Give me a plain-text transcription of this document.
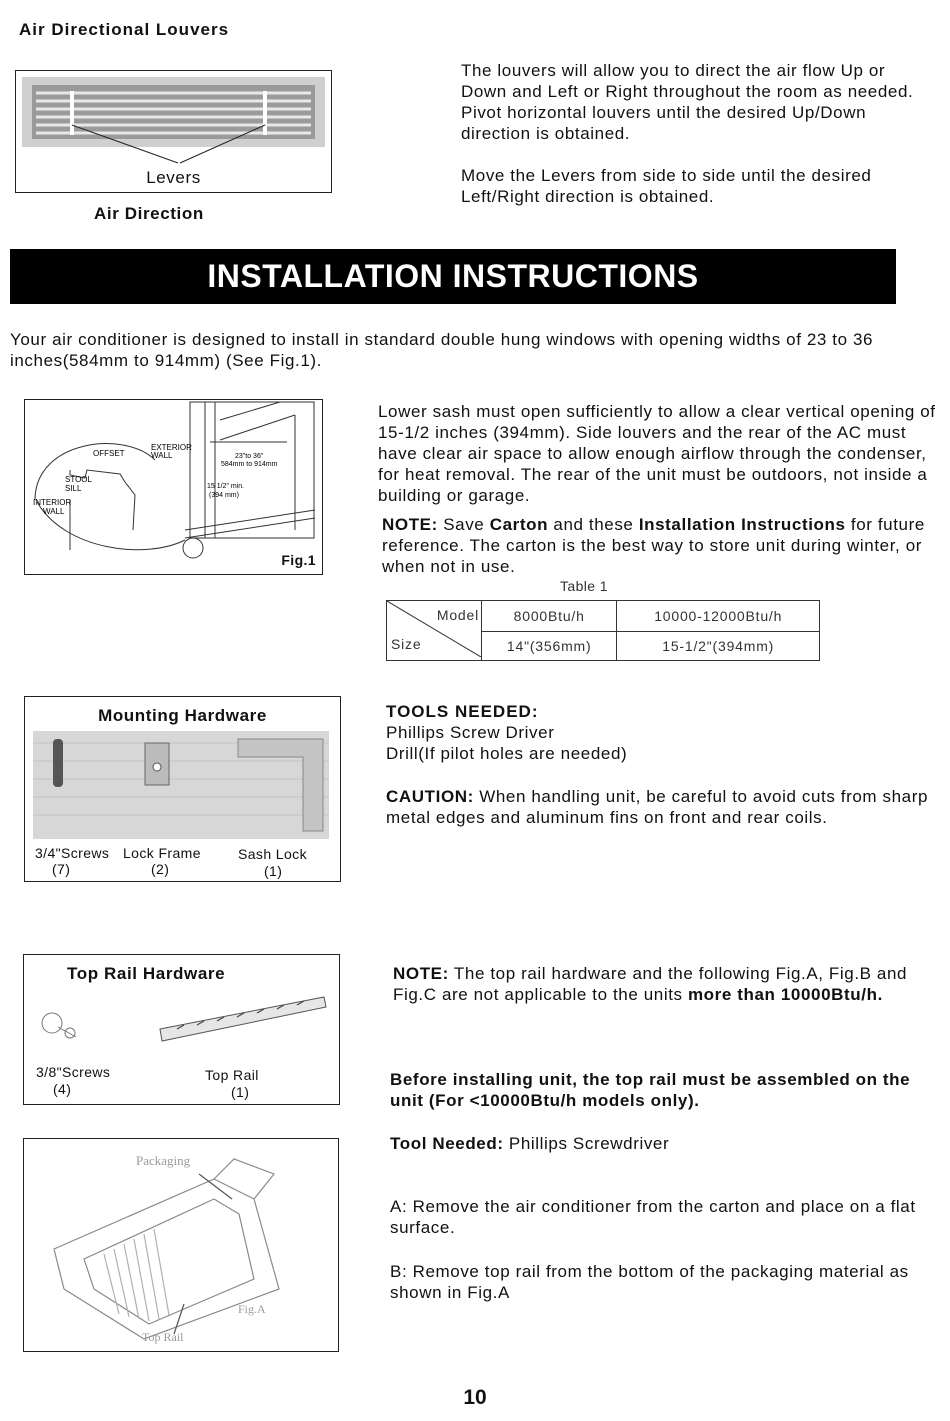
Air Directional Louvers
Levers
Air Direction
The louvers will allow you to direct the air flow Up or Down and Left or Right throughout the room as needed. Pivot horizontal louvers until the desired Up/Down direction is obtained.
Move the Levers from side to side until the desired Left/Right direction is obtained.
INSTALLATION INSTRUCTIONS
Your air conditioner is designed to install in standard double hung windows with opening widths of 23 to 36 inches(584mm to 914mm) (See Fig.1).
OFFSET
EXTERIOR
WALL
STOOL
SILL
INTERIOR
WALL
23"to 36"
584mm to 914mm
15 1/2" min.
(394 mm)
Fig.1
Lower sash must open sufficiently to allow a clear vertical opening of 15-1/2 inches (394mm). Side louvers and the rear of the AC must have clear air space to allow enough airflow through the condenser, for heat removal. The rear of the unit must be outdoors, not inside a building or garage.
NOTE: Save Carton and these Installation Instructions for future reference. The carton is the best way to store unit during winter, or when not in use.
Table 1
Model
Size	8000Btu/h	10000-12000Btu/h
	14"(356mm)	15-1/2"(394mm)
Mounting Hardware
3/4"Screws
(7)
Lock Frame
(2)
Sash Lock
(1)
TOOLS NEEDED:
Phillips Screw Driver
Drill(If pilot holes are needed)
CAUTION: When handling unit, be careful to avoid cuts from sharp metal edges and aluminum fins on front and rear coils.
Top Rail Hardware
3/8"Screws
(4)
Top Rail
(1)
NOTE: The top rail hardware and the following Fig.A, Fig.B and Fig.C are not applicable to the units more than 10000Btu/h.
Before installing unit, the top rail must be assembled on the unit (For <10000Btu/h models only).
Tool Needed: Phillips Screwdriver
Packaging
Fig.A
Top Rail
A: Remove the air conditioner from the carton and place on a flat surface.
B: Remove top rail from the bottom of the packaging material as shown in Fig.A
10
